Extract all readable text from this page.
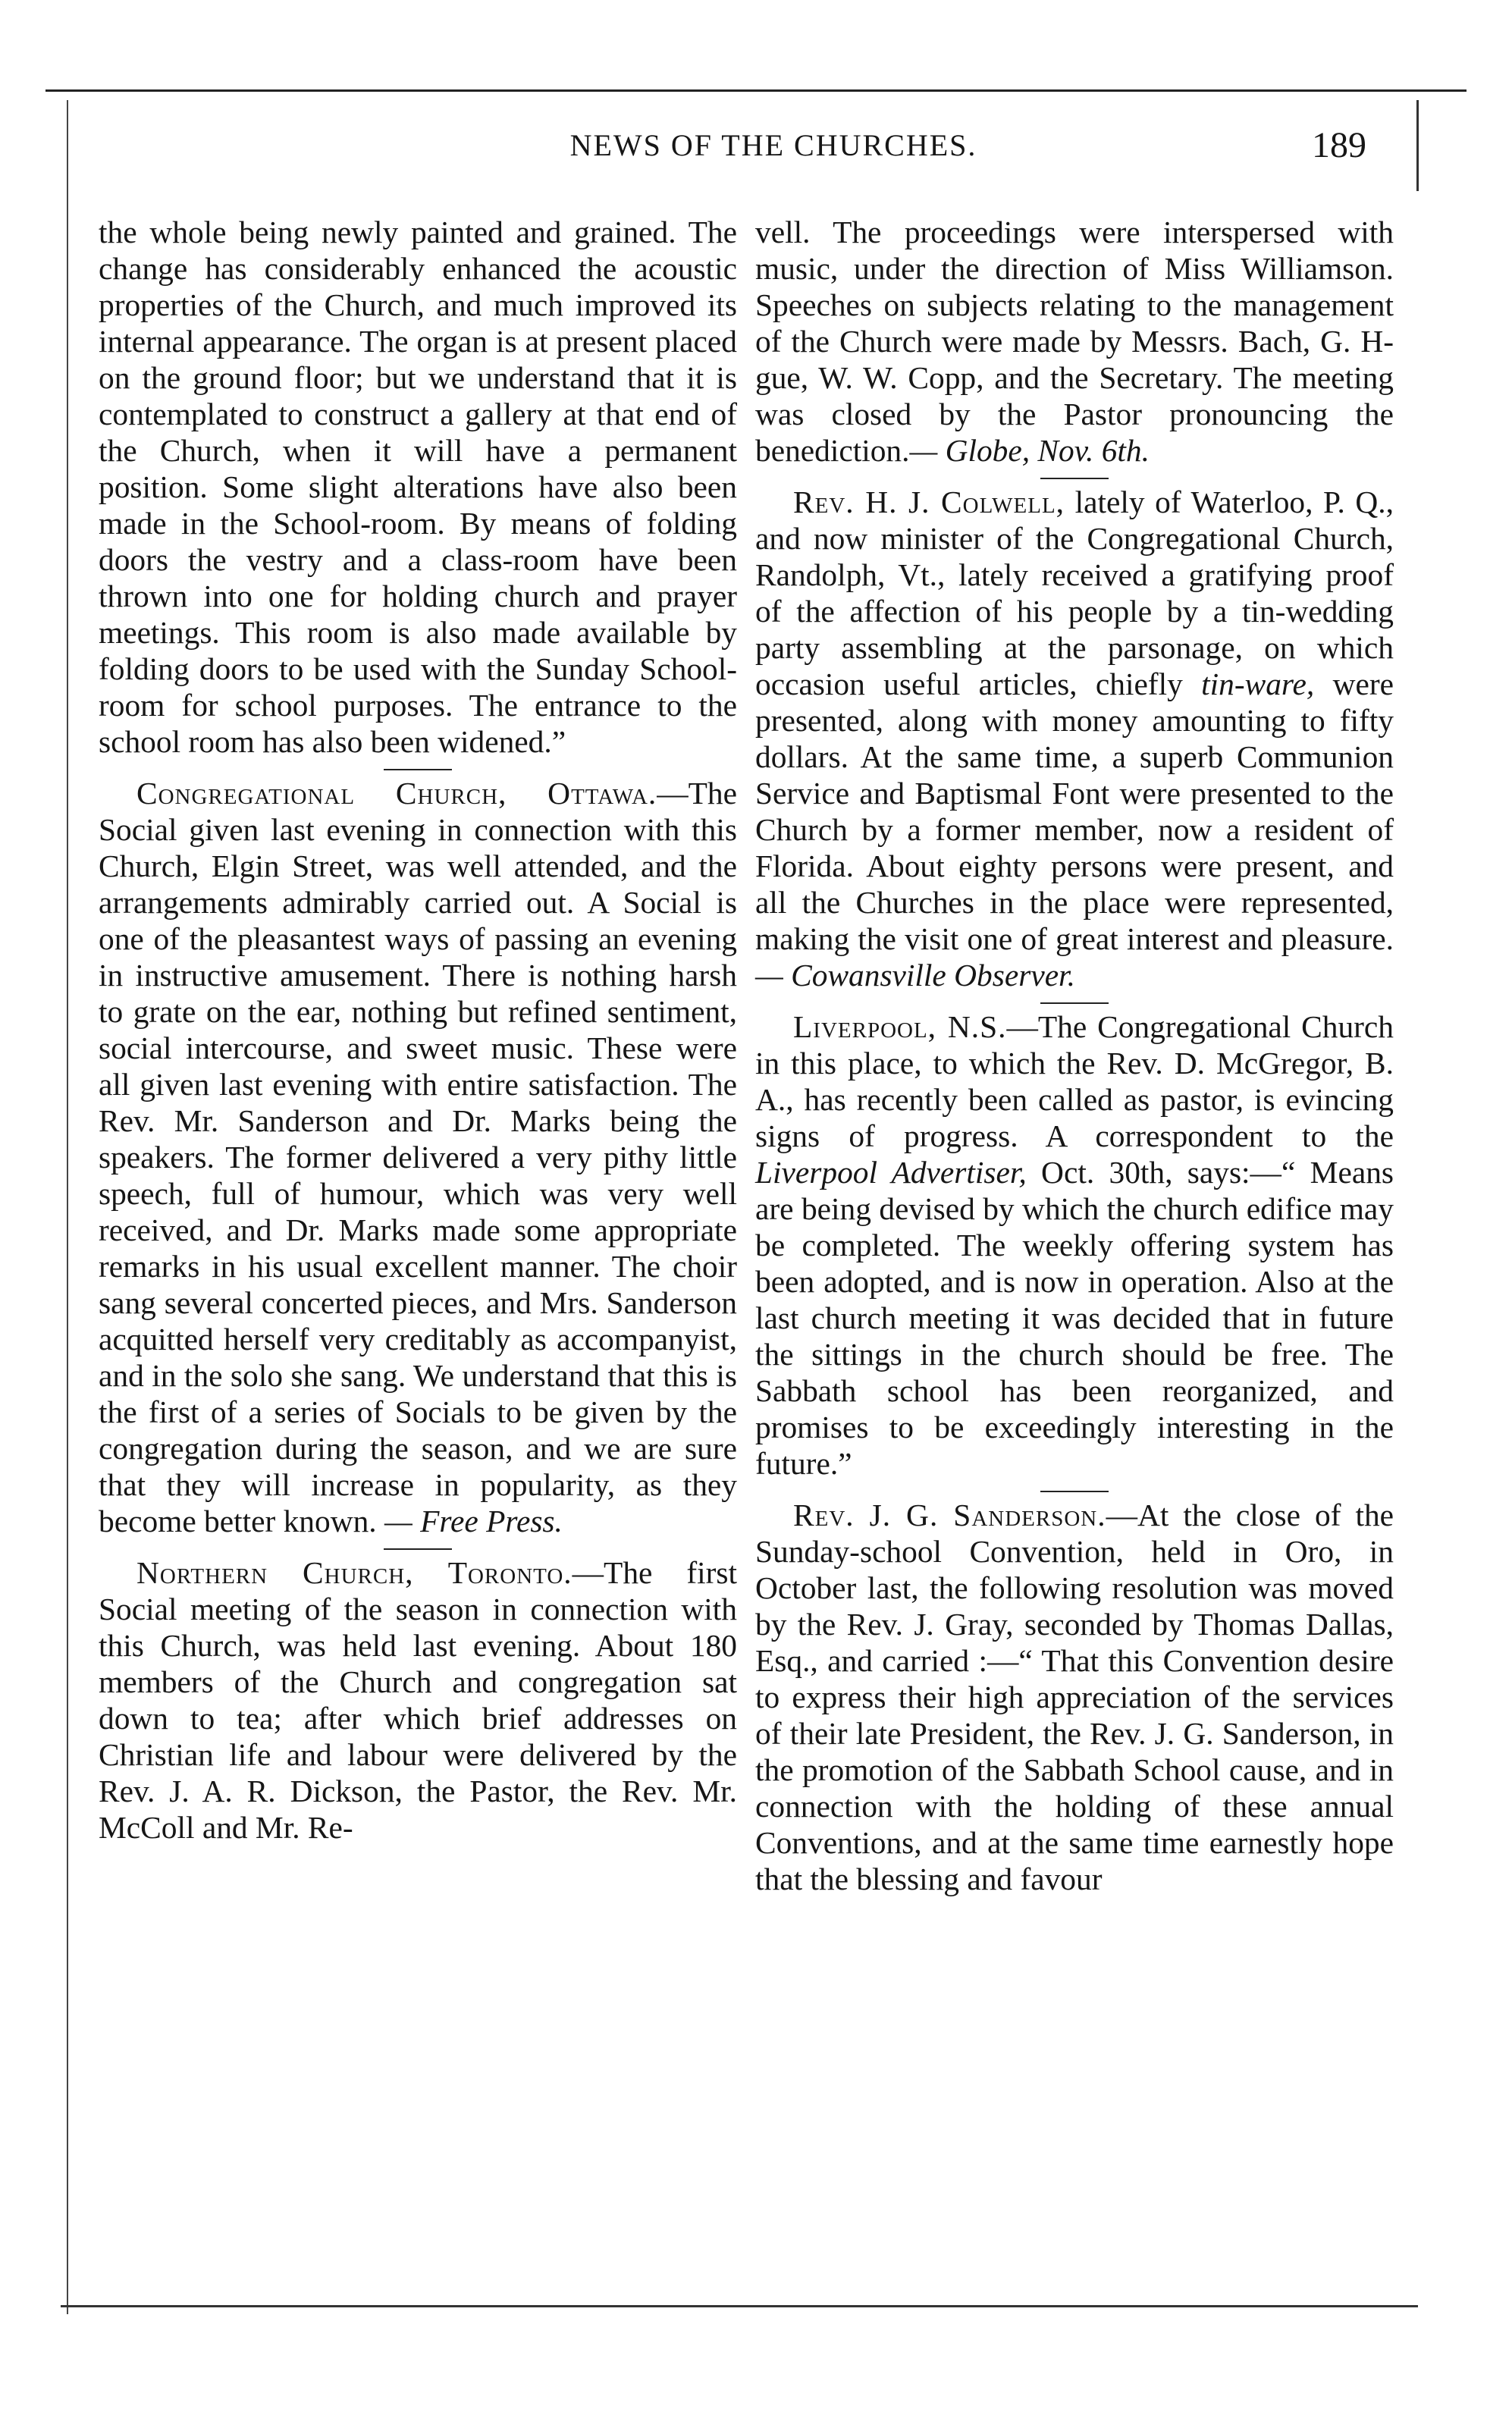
NEWS OF THE CHURCHES.	189

the whole being newly painted and grained. The change has considerably enhanced the acoustic properties of the Church, and much improved its internal appearance. The organ is at present placed on the ground floor; but we understand that it is contemplated to construct a gallery at that end of the Church, when it will have a permanent position. Some slight alterations have also been made in the School-room. By means of folding doors the vestry and a class-room have been thrown into one for holding church and prayer meetings. This room is also made available by folding doors to be used with the Sunday School-room for school purposes. The entrance to the school room has also been widened.”

Congregational Church, Ottawa.—The Social given last evening in connection with this Church, Elgin Street, was well attended, and the arrangements admirably carried out. A Social is one of the pleasantest ways of passing an evening in instructive amusement. There is nothing harsh to grate on the ear, nothing but refined sentiment, social intercourse, and sweet music. These were all given last evening with entire satisfaction. The Rev. Mr. Sanderson and Dr. Marks being the speakers. The former delivered a very pithy little speech, full of humour, which was very well received, and Dr. Marks made some appropriate remarks in his usual excellent manner. The choir sang several concerted pieces, and Mrs. Sanderson acquitted herself very creditably as accompanyist, and in the solo she sang. We understand that this is the first of a series of Socials to be given by the congregation during the season, and we are sure that they will increase in popularity, as they become better known. — Free Press.

Northern Church, Toronto.—The first Social meeting of the season in connection with this Church, was held last evening. About 180 members of the Church and congregation sat down to tea; after which brief addresses on Christian life and labour were delivered by the Rev. J. A. R. Dickson, the Pastor, the Rev. Mr. McColl and Mr. Re-

vell. The proceedings were interspersed with music, under the direction of Miss Williamson. Speeches on subjects relating to the management of the Church were made by Messrs. Bach, G. H-gue, W. W. Copp, and the Secretary. The meeting was closed by the Pastor pronouncing the benediction.— Globe, Nov. 6th.

Rev. H. J. Colwell, lately of Waterloo, P. Q., and now minister of the Congregational Church, Randolph, Vt., lately received a gratifying proof of the affection of his people by a tin-wedding party assembling at the parsonage, on which occasion useful articles, chiefly tin-ware, were presented, along with money amounting to fifty dollars. At the same time, a superb Communion Service and Baptismal Font were presented to the Church by a former member, now a resident of Florida. About eighty persons were present, and all the Churches in the place were represented, making the visit one of great interest and pleasure.— Cowansville Observer.

Liverpool, N.S.—The Congregational Church in this place, to which the Rev. D. McGregor, B. A., has recently been called as pastor, is evincing signs of progress. A correspondent to the Liverpool Advertiser, Oct. 30th, says:—“ Means are being devised by which the church edifice may be completed. The weekly offering system has been adopted, and is now in operation. Also at the last church meeting it was decided that in future the sittings in the church should be free. The Sabbath school has been reorganized, and promises to be exceedingly interesting in the future.”

Rev. J. G. Sanderson.—At the close of the Sunday-school Convention, held in Oro, in October last, the following resolution was moved by the Rev. J. Gray, seconded by Thomas Dallas, Esq., and carried :—“ That this Convention desire to express their high appreciation of the services of their late President, the Rev. J. G. Sanderson, in the promotion of the Sabbath School cause, and in connection with the holding of these annual Conventions, and at the same time earnestly hope that the blessing and favour
